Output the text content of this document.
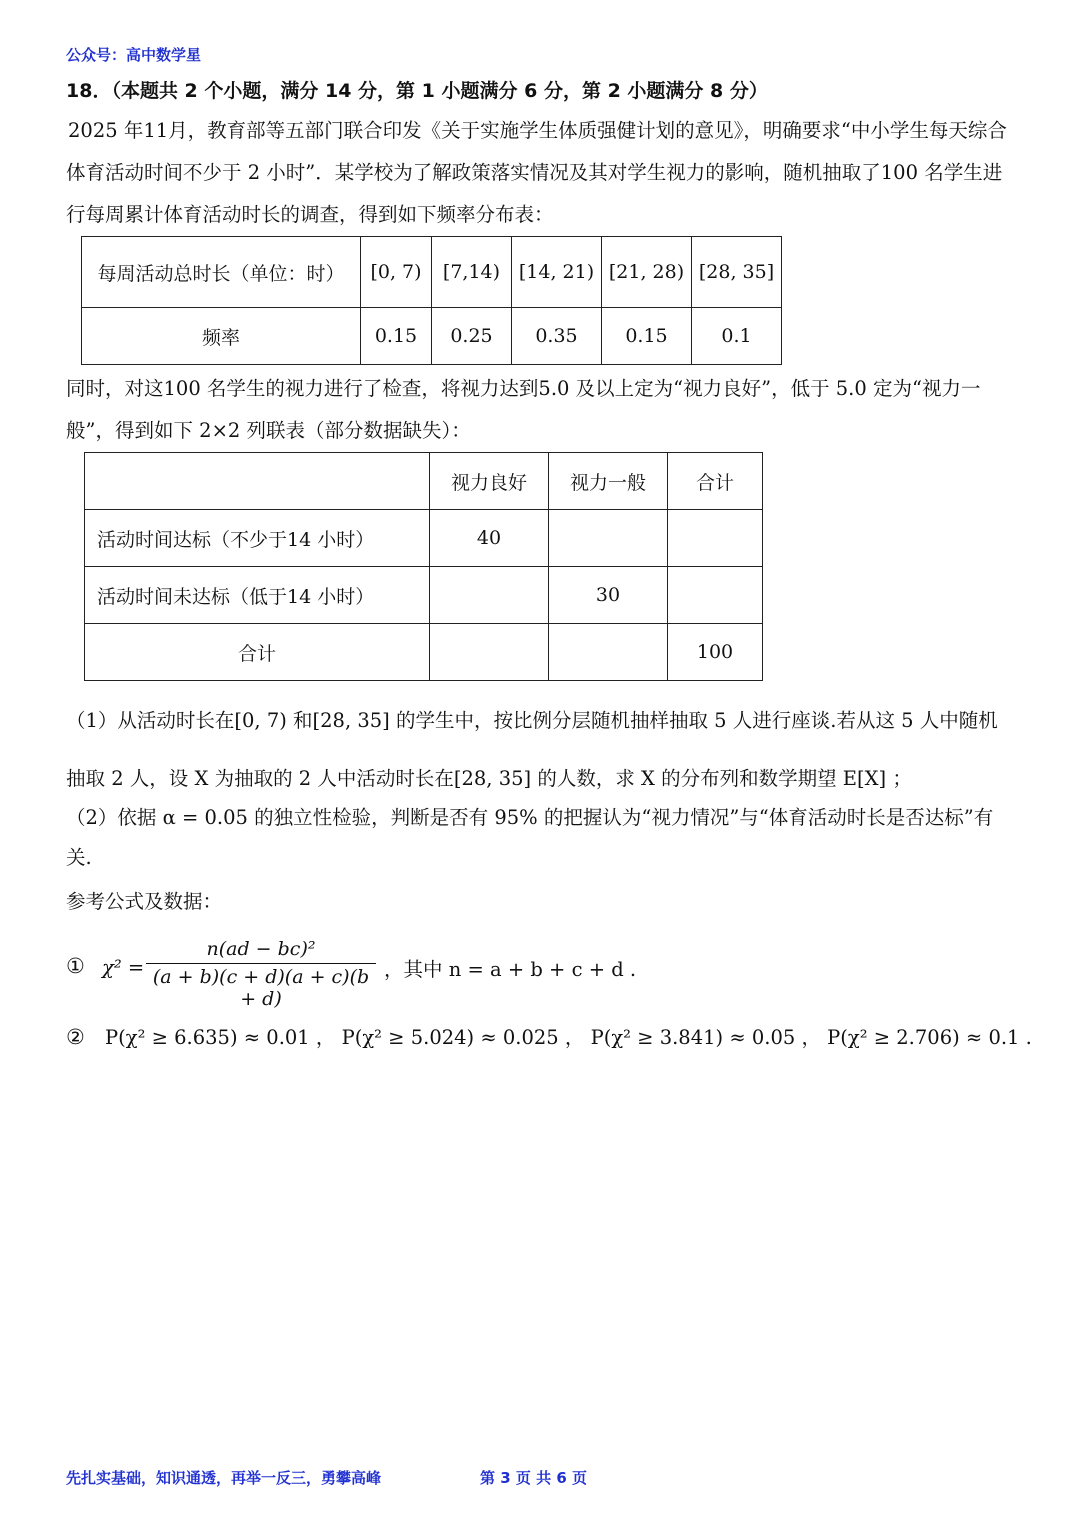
公众号：高中数学星
18．（本题共 2 个小题，满分 14 分，第 1 小题满分 6 分，第 2 小题满分 8 分）
2025 年11月，教育部等五部门联合印发《关于实施学生体质强健计划的意见》，明确要求“中小学生每天综合体育活动时间不少于 2 小时”．某学校为了解政策落实情况及其对学生视力的影响，随机抽取了100 名学生进行每周累计体育活动时长的调查，得到如下频率分布表：
每周活动总时长（单位：时）	[0, 7)	[7,14)	[14, 21)	[21, 28)	[28, 35]
频率	0.15	0.25	0.35	0.15	0.1
同时，对这100 名学生的视力进行了检查，将视力达到5.0 及以上定为“视力良好”，低于 5.0 定为“视力一般”，得到如下 2×2 列联表（部分数据缺失）：
	视力良好	视力一般	合计
活动时间达标（不少于14 小时）	40		
活动时间未达标（低于14 小时）		30	
合计			100
（1）从活动时长在[0, 7) 和[28, 35] 的学生中，按比例分层随机抽样抽取 5 人进行座谈.若从这 5 人中随机抽取 2 人，设 X 为抽取的 2 人中活动时长在[28, 35] 的人数，求 X 的分布列和数学期望 E[X] ；
（2）依据 α = 0.05 的独立性检验，判断是否有 95% 的把握认为“视力情况”与“体育活动时长是否达标”有关.
参考公式及数据：
① $\chi^2 = \frac{\text{n(ad − bc)²}}{(a + b)(c + d)(a + c)(b + d)}$ ，其中 n = a + b + c + d .
② P(χ² ≥ 6.635) ≈ 0.01 ， P(χ² ≥ 5.024) ≈ 0.025 ， P(χ² ≥ 3.841) ≈ 0.05 ， P(χ² ≥ 2.706) ≈ 0.1 .
先扎实基础，知识通透，再举一反三，勇攀高峰	第 3 页 共 6 页
